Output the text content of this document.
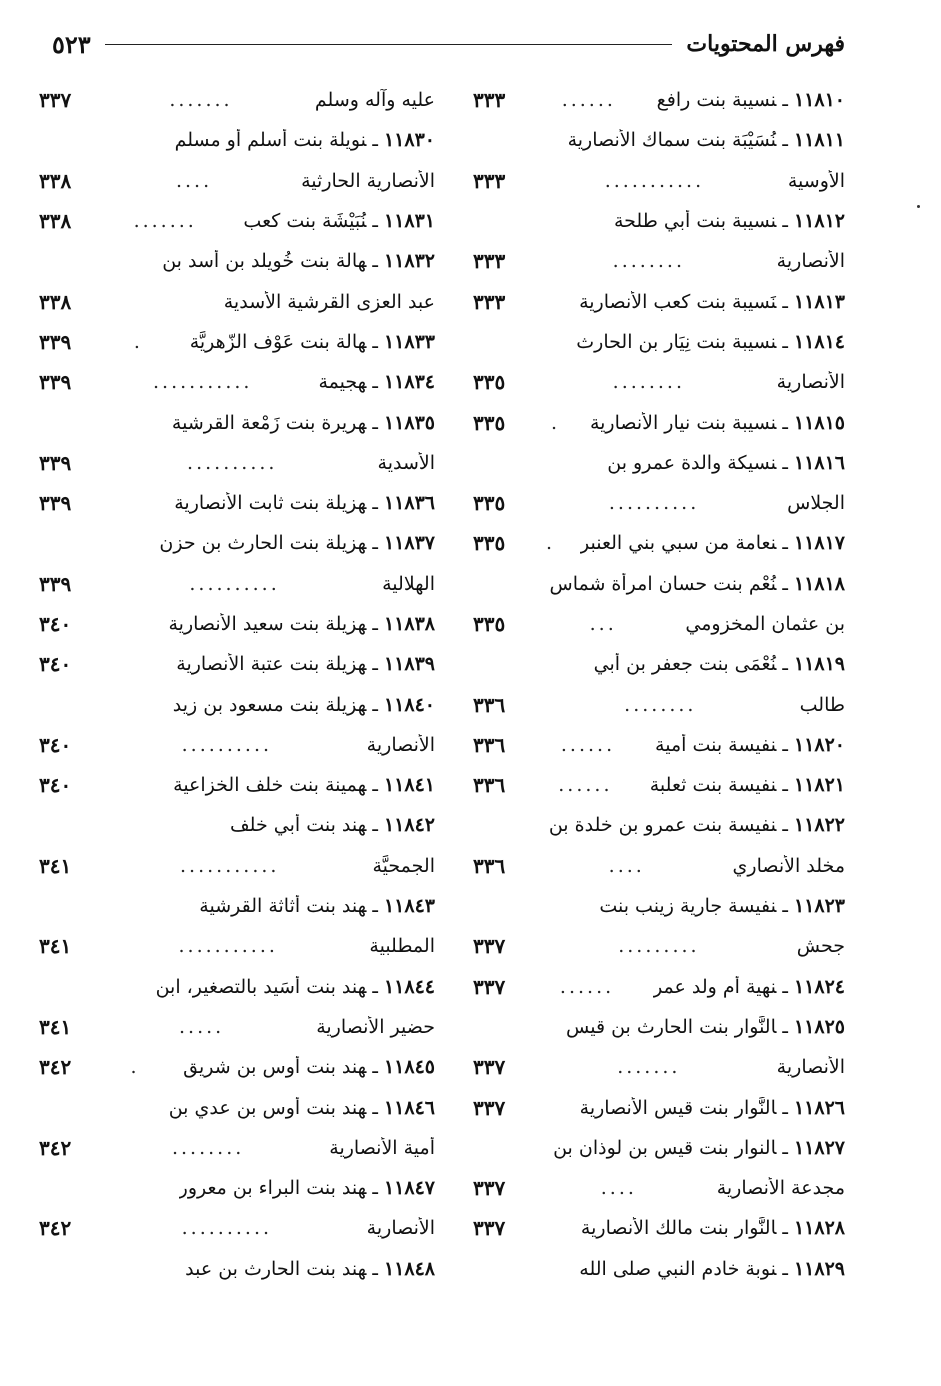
فهرس المحتويات
٥٢٣
١١٨١٠ـنسيبة بنت رافع
......
٣٣٣
١١٨١١ـنُسَيْبَة بنت سماك الأنصارية
الأوسية
...........
٣٣٣
١١٨١٢ـنسيبة بنت أبي طلحة
الأنصارية
........
٣٣٣
١١٨١٣ـنَسيبة بنت كعب الأنصارية
٣٣٣
١١٨١٤ـنسيبة بنت نِيَار بن الحارث
الأنصارية
........
٣٣٥
١١٨١٥ـنسيبة بنت نيار الأنصارية
.
٣٣٥
١١٨١٦ـنسيكة والدة عمرو بن
الجلاس
..........
٣٣٥
١١٨١٧ـنعامة من سبي بني العنبر
.
٣٣٥
١١٨١٨ـنُعْم بنت حسان امرأة شماس
بن عثمان المخزومي
...
٣٣٥
١١٨١٩ـنُعْمَى بنت جعفر بن أبي
طالب
........
٣٣٦
١١٨٢٠ـنفيسة بنت أمية
......
٣٣٦
١١٨٢١ـنفيسة بنت ثعلبة
......
٣٣٦
١١٨٢٢ـنفيسة بنت عمرو بن خلدة بن
مخلد الأنصاري
....
٣٣٦
١١٨٢٣ـنفيسة جارية زينب بنت
جحش
.........
٣٣٧
١١٨٢٤ـنهية أم ولد عمر
......
٣٣٧
١١٨٢٥ـالنَّوار بنت الحارث بن قيس
الأنصارية
.......
٣٣٧
١١٨٢٦ـالنَّوار بنت قيس الأنصارية
٣٣٧
١١٨٢٧ـالنوار بنت قيس بن لوذان بن
مجدعة الأنصارية
....
٣٣٧
١١٨٢٨ـالنَّوار بنت مالك الأنصارية
٣٣٧
١١٨٢٩ـنوبة خادم النبي صلى الله
عليه وآله وسلم
.......
٣٣٧
١١٨٣٠ـنويلة بنت أسلم أو مسلم
الأنصارية الحارثية
....
٣٣٨
١١٨٣١ـنُبَيْشَة بنت كعب
.......
٣٣٨
١١٨٣٢ـهالة بنت خُويلد بن أسد بن
عبد العزى القرشية الأسدية
٣٣٨
١١٨٣٣ـهالة بنت عَوْف الزّهريَّة
.
٣٣٩
١١٨٣٤ـهجيمة
...........
٣٣٩
١١٨٣٥ـهريرة بنت زَمْعة القرشية
الأسدية
..........
٣٣٩
١١٨٣٦ـهزيلة بنت ثابت الأنصارية
٣٣٩
١١٨٣٧ـهزيلة بنت الحارث بن حزن
الهلالية
..........
٣٣٩
١١٨٣٨ـهزيلة بنت سعيد الأنصارية
٣٤٠
١١٨٣٩ـهزيلة بنت عتبة الأنصارية
٣٤٠
١١٨٤٠ـهزيلة بنت مسعود بن زيد
الأنصارية
..........
٣٤٠
١١٨٤١ـهمينة بنت خلف الخزاعية
٣٤٠
١١٨٤٢ـهند بنت أبي خلف
الجمحيَّة
...........
٣٤١
١١٨٤٣ـهند بنت أثاثة القرشية
المطلبية
...........
٣٤١
١١٨٤٤ـهند بنت أُسَيد بالتصغير، ابن
حضير الأنصارية
.....
٣٤١
١١٨٤٥ـهند بنت أوس بن شريق
.
٣٤٢
١١٨٤٦ـهند بنت أوس بن عدي بن
أمية الأنصارية
........
٣٤٢
١١٨٤٧ـهند بنت البراء بن معرور
الأنصارية
..........
٣٤٢
١١٨٤٨ـهند بنت الحارث بن عبد
